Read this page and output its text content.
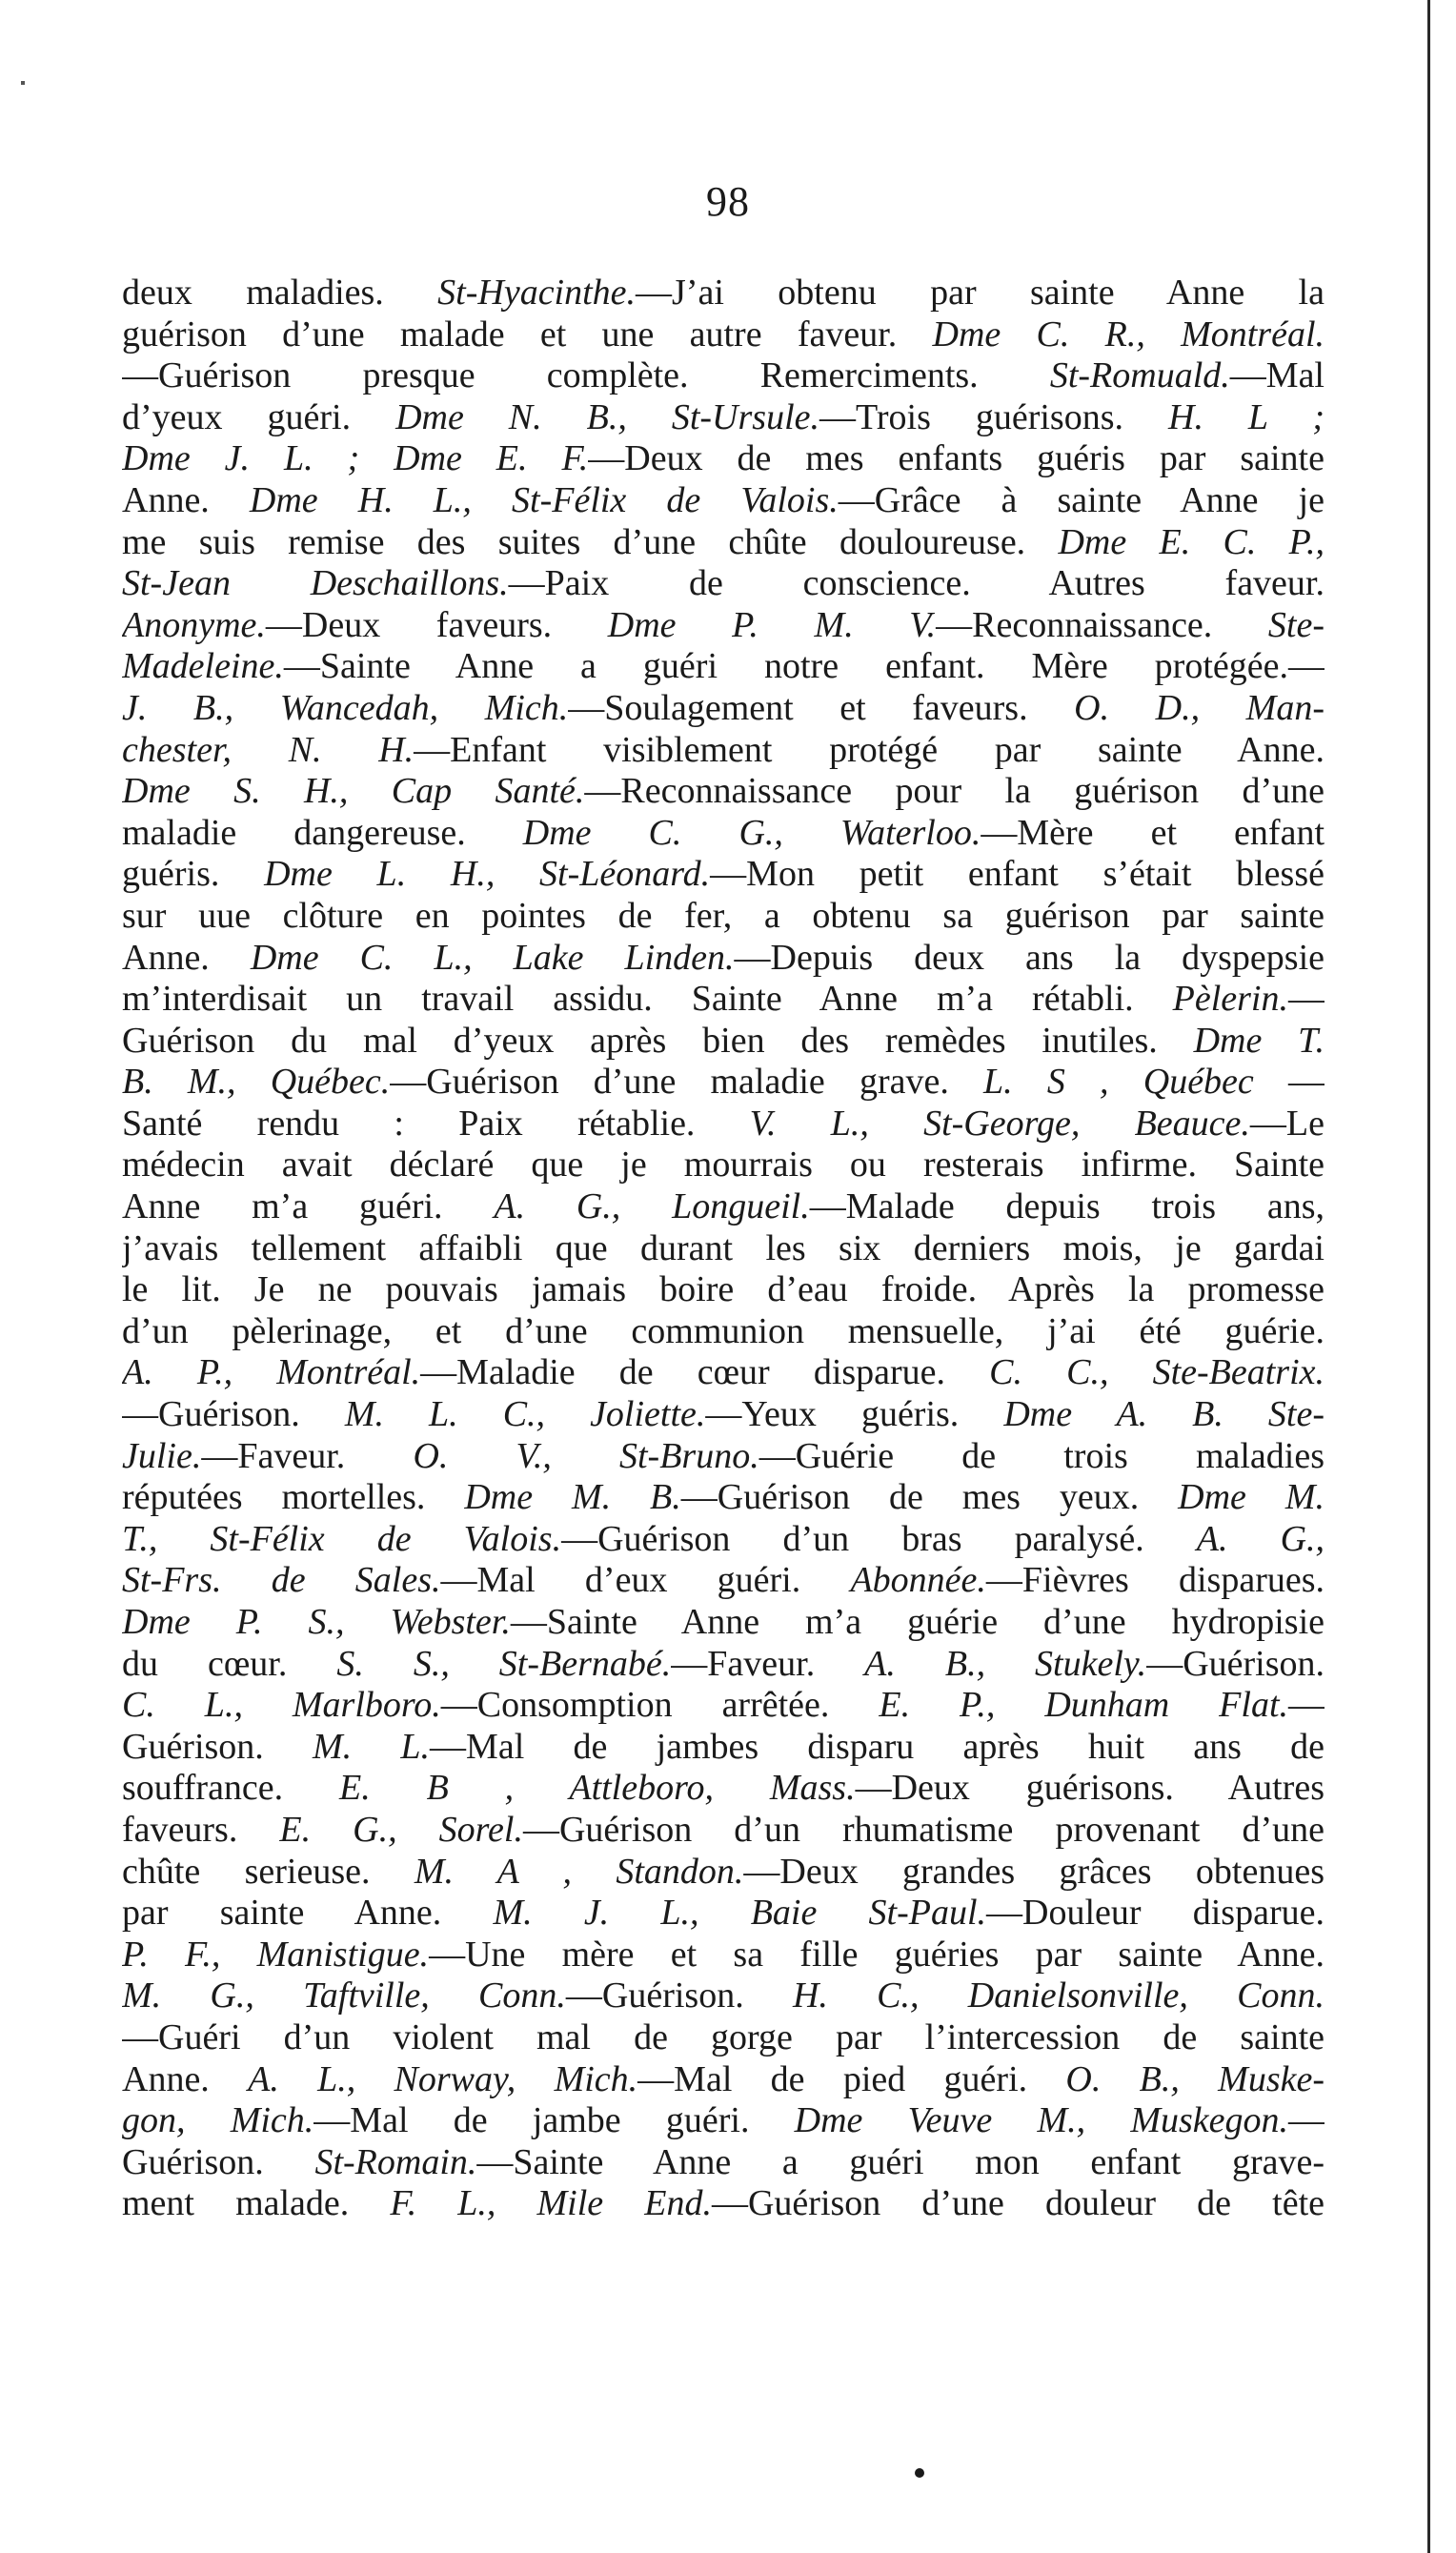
98
deux maladies. St-Hyacinthe.—J’ai obtenu par sainte Anne la
guérison d’une malade et une autre faveur. Dme C. R., Montréal.
—Guérison presque complète. Remerciments. St-Romuald.—Mal
d’yeux guéri. Dme N. B., St-Ursule.—Trois guérisons. H. L ;
Dme J. L. ; Dme E. F.—Deux de mes enfants guéris par sainte
Anne. Dme H. L., St-Félix de Valois.—Grâce à sainte Anne je
me suis remise des suites d’une chûte douloureuse. Dme E. C. P.,
St-Jean Deschaillons.—Paix de conscience. Autres faveur.
Anonyme.—Deux faveurs. Dme P. M. V.—Reconnaissance. Ste-
Madeleine.—Sainte Anne a guéri notre enfant. Mère protégée.—
J. B., Wancedah, Mich.—Soulagement et faveurs. O. D., Man-
chester, N. H.—Enfant visiblement protégé par sainte Anne.
Dme S. H., Cap Santé.—Reconnaissance pour la guérison d’une
maladie dangereuse. Dme C. G., Waterloo.—Mère et enfant
guéris. Dme L. H., St-Léonard.—Mon petit enfant s’était blessé
sur uue clôture en pointes de fer, a obtenu sa guérison par sainte
Anne. Dme C. L., Lake Linden.—Depuis deux ans la dyspepsie
m’interdisait un travail assidu. Sainte Anne m’a rétabli. Pèlerin.—
Guérison du mal d’yeux après bien des remèdes inutiles. Dme T.
B. M., Québec.—Guérison d’une maladie grave. L. S , Québec —
Santé rendu : Paix rétablie. V. L., St-George, Beauce.—Le
médecin avait déclaré que je mourrais ou resterais infirme. Sainte
Anne m’a guéri. A. G., Longueil.—Malade depuis trois ans,
j’avais tellement affaibli que durant les six derniers mois, je gardai
le lit. Je ne pouvais jamais boire d’eau froide. Après la promesse
d’un pèlerinage, et d’une communion mensuelle, j’ai été guérie.
A. P., Montréal.—Maladie de cœur disparue. C. C., Ste-Beatrix.
—Guérison. M. L. C., Joliette.—Yeux guéris. Dme A. B. Ste-
Julie.—Faveur. O. V., St-Bruno.—Guérie de trois maladies
réputées mortelles. Dme M. B.—Guérison de mes yeux. Dme M.
T., St-Félix de Valois.—Guérison d’un bras paralysé. A. G.,
St-Frs. de Sales.—Mal d’eux guéri. Abonnée.—Fièvres disparues.
Dme P. S., Webster.—Sainte Anne m’a guérie d’une hydropisie
du cœur. S. S., St-Bernabé.—Faveur. A. B., Stukely.—Guérison.
C. L., Marlboro.—Consomption arrêtée. E. P., Dunham Flat.—
Guérison. M. L.—Mal de jambes disparu après huit ans de
souffrance. E. B , Attleboro, Mass.—Deux guérisons. Autres
faveurs. E. G., Sorel.—Guérison d’un rhumatisme provenant d’une
chûte serieuse. M. A , Standon.—Deux grandes grâces obtenues
par sainte Anne. M. J. L., Baie St-Paul.—Douleur disparue.
P. F., Manistigue.—Une mère et sa fille guéries par sainte Anne.
M. G., Taftville, Conn.—Guérison. H. C., Danielsonville, Conn.
—Guéri d’un violent mal de gorge par l’intercession de sainte
Anne. A. L., Norway, Mich.—Mal de pied guéri. O. B., Muske-
gon, Mich.—Mal de jambe guéri. Dme Veuve M., Muskegon.—
Guérison. St-Romain.—Sainte Anne a guéri mon enfant grave-
ment malade. F. L., Mile End.—Guérison d’une douleur de tête
